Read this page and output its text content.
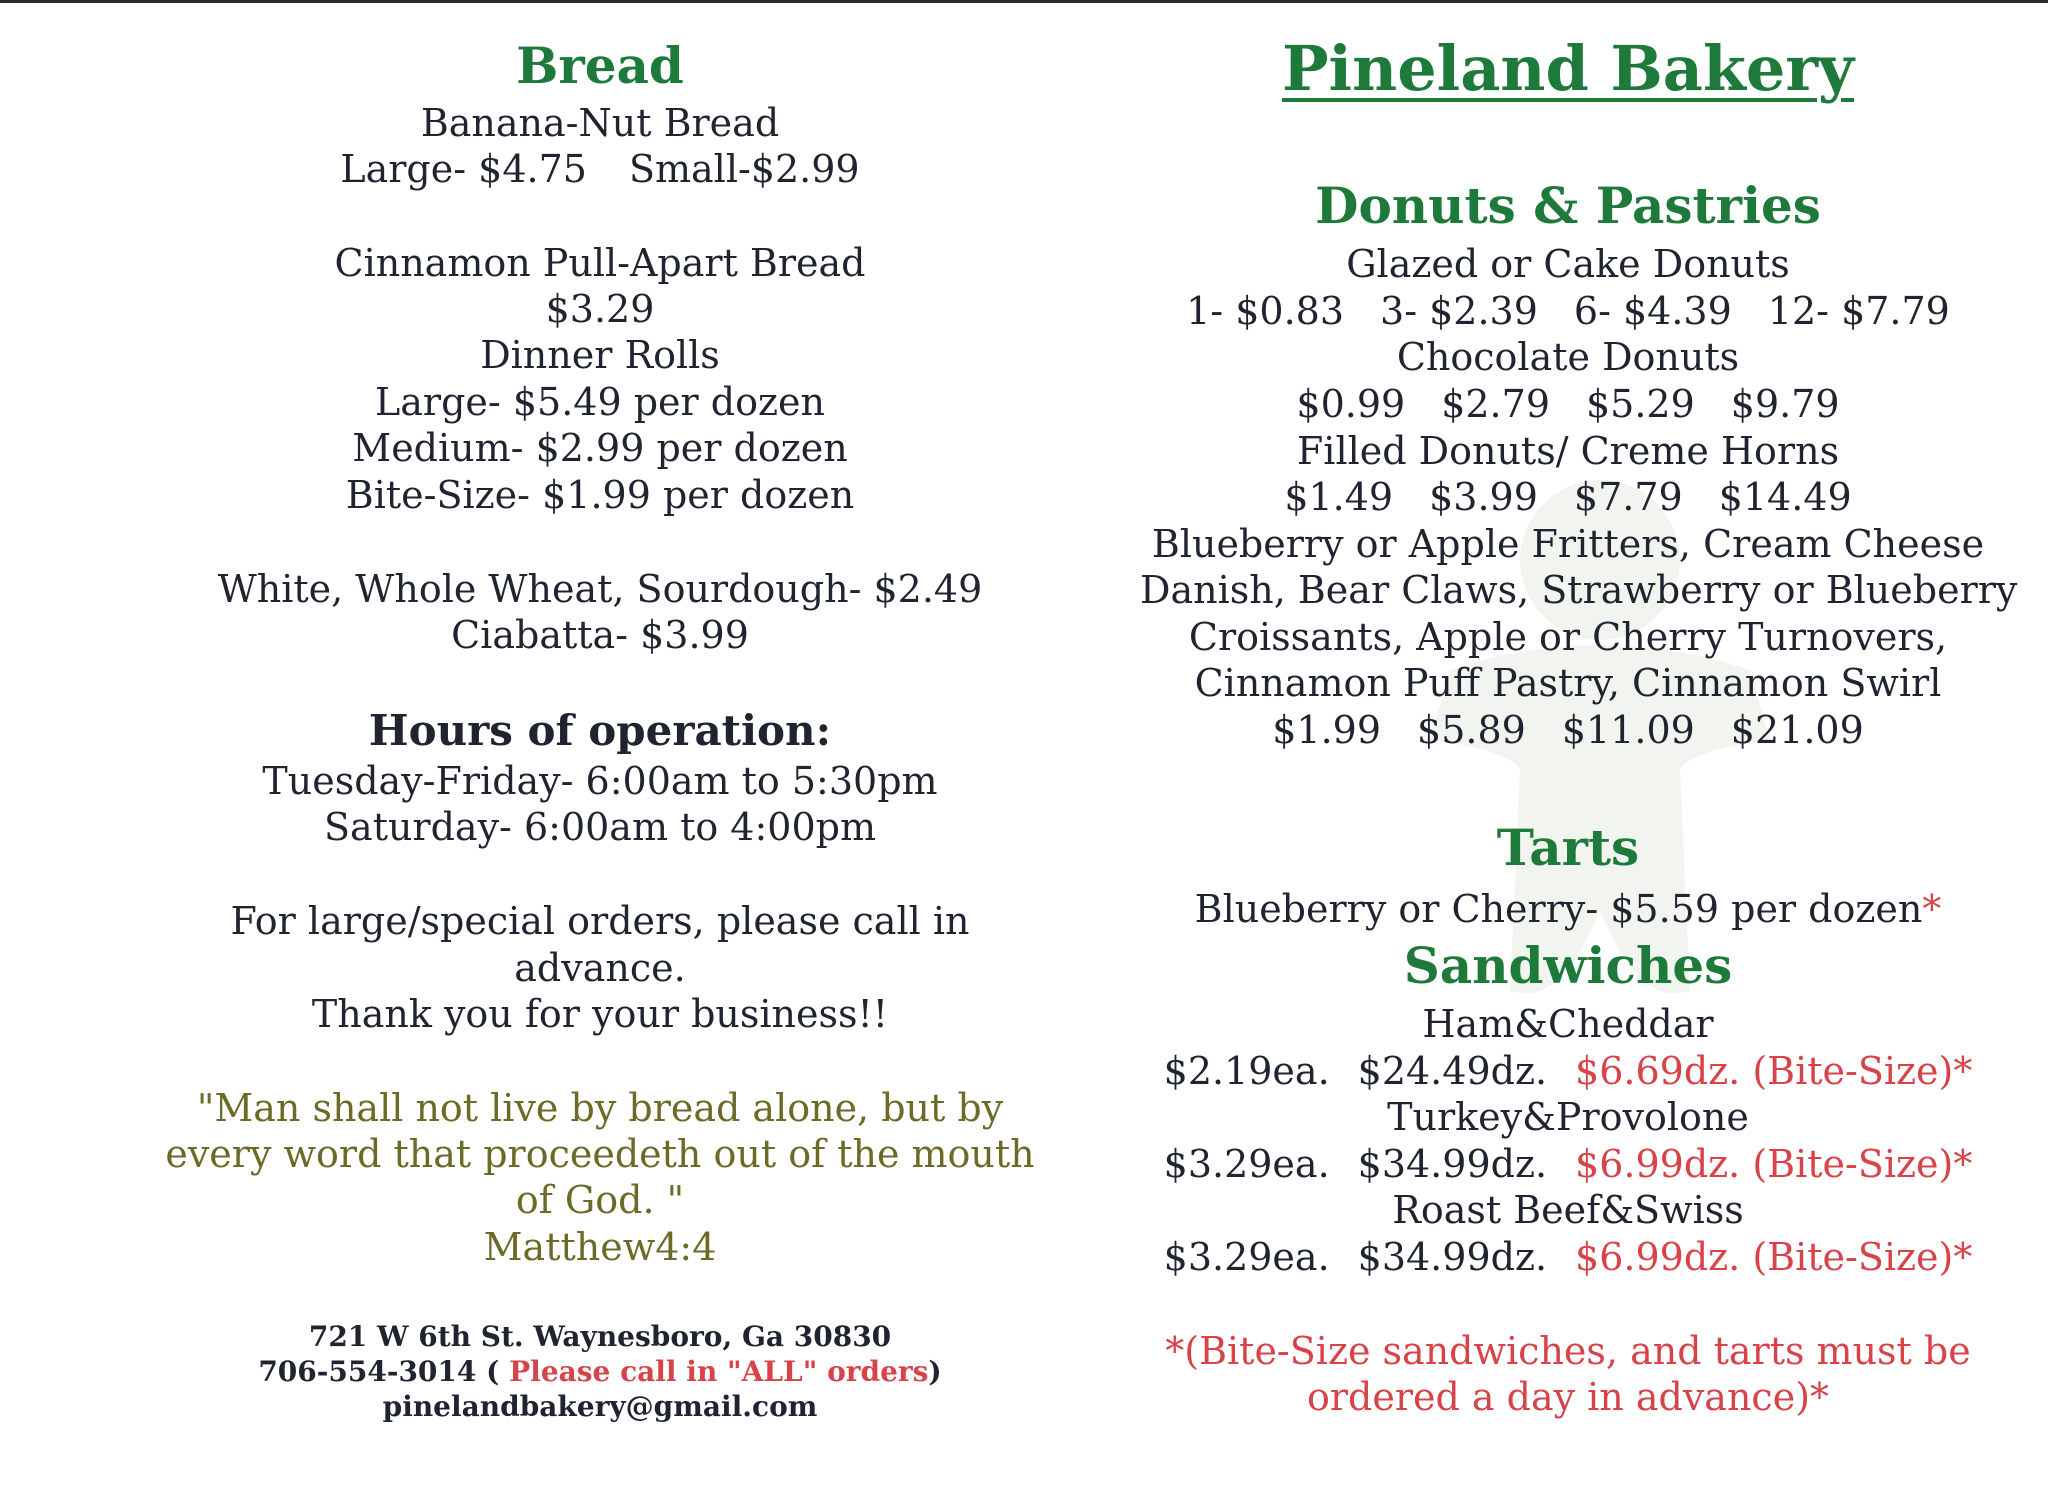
Bread
Banana-Nut Bread
Large- $4.75 Small-$2.99
Cinnamon Pull-Apart Bread
$3.29
Dinner Rolls
Large- $5.49 per dozen
Medium- $2.99 per dozen
Bite-Size- $1.99 per dozen
White, Whole Wheat, Sourdough- $2.49
Ciabatta- $3.99
Hours of operation:
Tuesday-Friday- 6:00am to 5:30pm
Saturday- 6:00am to 4:00pm
For large/special orders, please call in
advance.
Thank you for your business!!
"Man shall not live by bread alone, but by
every word that proceedeth out of the mouth
of God. "
Matthew4:4
721 W 6th St. Waynesboro, Ga 30830
706-554-3014 ( Please call in "ALL" orders)
pinelandbakery@gmail.com
Pineland Bakery
Donuts & Pastries
Glazed or Cake Donuts
1- $0.83 3- $2.39 6- $4.39 12- $7.79
Chocolate Donuts
$0.99 $2.79 $5.29 $9.79
Filled Donuts/ Creme Horns
$1.49 $3.99 $7.79 $14.49
Blueberry or Apple Fritters, Cream Cheese
Danish, Bear Claws, Strawberry or Blueberry
Croissants, Apple or Cherry Turnovers,
Cinnamon Puff Pastry, Cinnamon Swirl
$1.99 $5.89 $11.09 $21.09
Tarts
Blueberry or Cherry- $5.59 per dozen*
Sandwiches
Ham&Cheddar
$2.19ea. $24.49dz. $6.69dz. (Bite-Size)*
Turkey&Provolone
$3.29ea. $34.99dz. $6.99dz. (Bite-Size)*
Roast Beef&Swiss
$3.29ea. $34.99dz. $6.99dz. (Bite-Size)*
*(Bite-Size sandwiches, and tarts must be
ordered a day in advance)*
